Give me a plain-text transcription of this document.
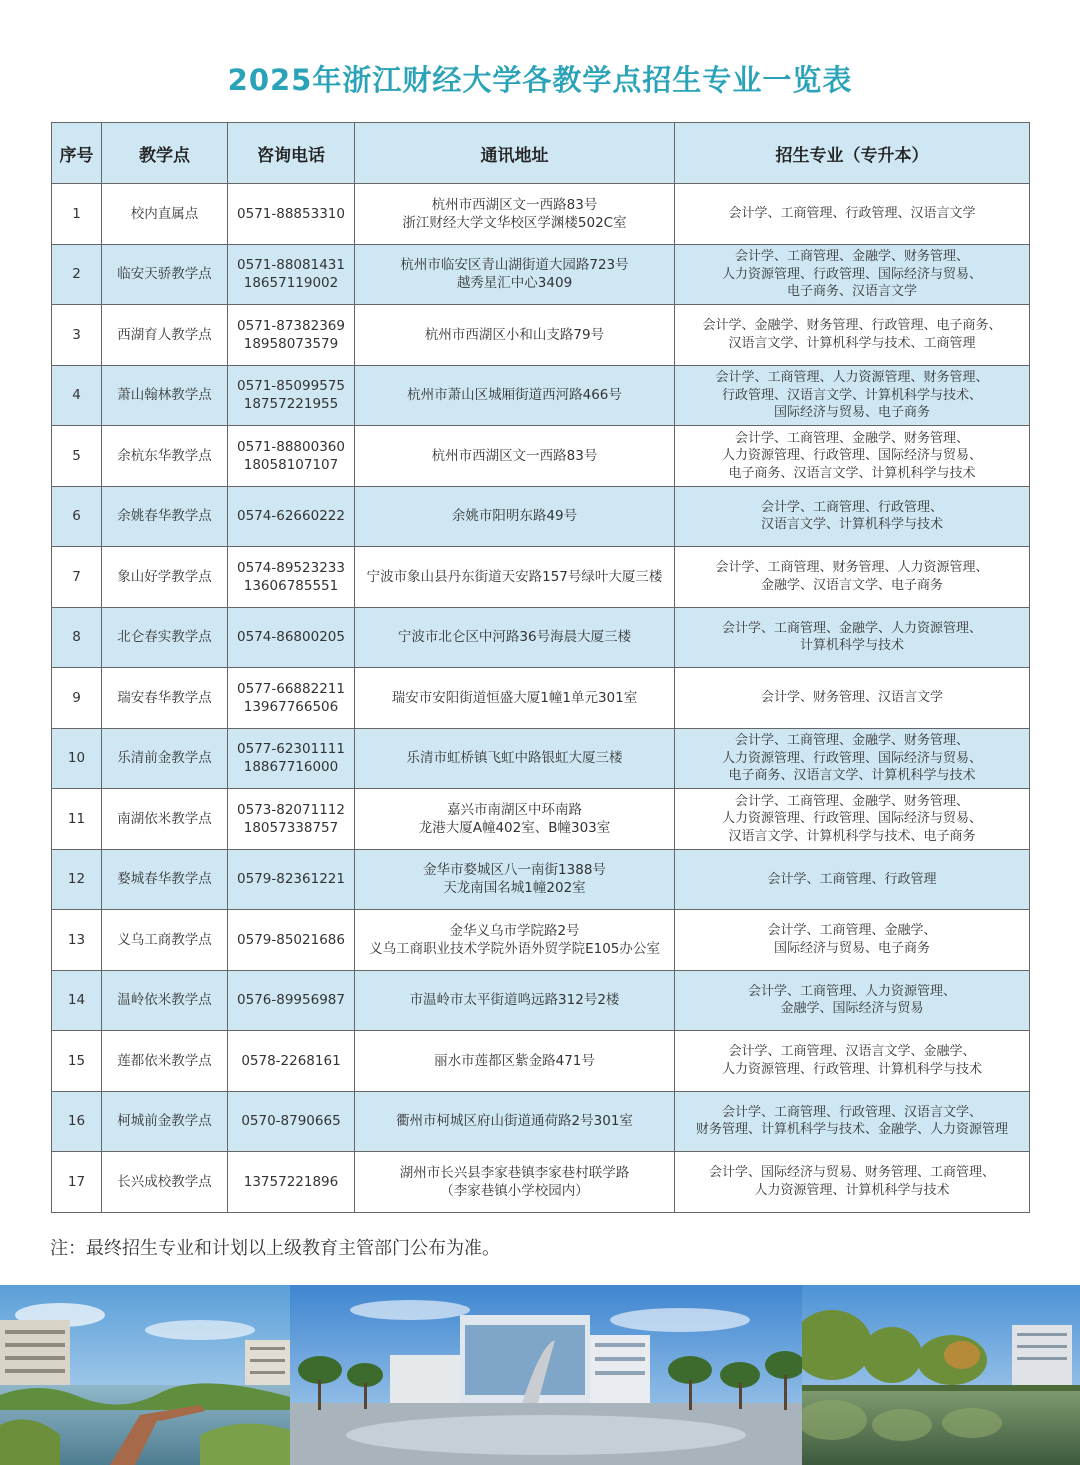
2025年浙江财经大学各教学点招生专业一览表
序号	教学点	咨询电话	通讯地址	招生专业（专升本）
1	校内直属点	0571-88853310	杭州市西湖区文一西路83号
浙江财经大学文华校区学渊楼502C室	会计学、工商管理、行政管理、汉语言文学

2	临安天骄教学点	0571-88081431
18657119002	杭州市临安区青山湖街道大园路723号
越秀星汇中心3409	会计学、工商管理、金融学、财务管理、
人力资源管理、行政管理、国际经济与贸易、
电子商务、汉语言文学

3	西湖育人教学点	0571-87382369
18958073579	杭州市西湖区小和山支路79号	会计学、金融学、财务管理、行政管理、电子商务、
汉语言文学、计算机科学与技术、工商管理

4	萧山翰林教学点	0571-85099575
18757221955	杭州市萧山区城厢街道西河路466号	会计学、工商管理、人力资源管理、财务管理、
行政管理、汉语言文学、计算机科学与技术、
国际经济与贸易、电子商务

5	余杭东华教学点	0571-88800360
18058107107	杭州市西湖区文一西路83号	会计学、工商管理、金融学、财务管理、
人力资源管理、行政管理、国际经济与贸易、
电子商务、汉语言文学、计算机科学与技术

6	余姚春华教学点	0574-62660222	余姚市阳明东路49号	会计学、工商管理、行政管理、
汉语言文学、计算机科学与技术

7	象山好学教学点	0574-89523233
13606785551	宁波市象山县丹东街道天安路157号绿叶大厦三楼	会计学、工商管理、财务管理、人力资源管理、
金融学、汉语言文学、电子商务

8	北仑春实教学点	0574-86800205	宁波市北仑区中河路36号海晨大厦三楼	会计学、工商管理、金融学、人力资源管理、
计算机科学与技术

9	瑞安春华教学点	0577-66882211
13967766506	瑞安市安阳街道恒盛大厦1幢1单元301室	会计学、财务管理、汉语言文学

10	乐清前金教学点	0577-62301111
18867716000	乐清市虹桥镇飞虹中路银虹大厦三楼	会计学、工商管理、金融学、财务管理、
人力资源管理、行政管理、国际经济与贸易、
电子商务、汉语言文学、计算机科学与技术

11	南湖依米教学点	0573-82071112
18057338757	嘉兴市南湖区中环南路
龙港大厦A幢402室、B幢303室	会计学、工商管理、金融学、财务管理、
人力资源管理、行政管理、国际经济与贸易、
汉语言文学、计算机科学与技术、电子商务

12	婺城春华教学点	0579-82361221	金华市婺城区八一南街1388号
天龙南国名城1幢202室	会计学、工商管理、行政管理

13	义乌工商教学点	0579-85021686	金华义乌市学院路2号
义乌工商职业技术学院外语外贸学院E105办公室	会计学、工商管理、金融学、
国际经济与贸易、电子商务

14	温岭依米教学点	0576-89956987	市温岭市太平街道鸣远路312号2楼	会计学、工商管理、人力资源管理、
金融学、国际经济与贸易

15	莲都依米教学点	0578-2268161	丽水市莲都区紫金路471号	会计学、工商管理、汉语言文学、金融学、
人力资源管理、行政管理、计算机科学与技术

16	柯城前金教学点	0570-8790665	衢州市柯城区府山街道通荷路2号301室	会计学、工商管理、行政管理、汉语言文学、
财务管理、计算机科学与技术、金融学、人力资源管理

17	长兴成校教学点	13757221896	湖州市长兴县李家巷镇李家巷村联学路
（李家巷镇小学校园内）	会计学、国际经济与贸易、财务管理、工商管理、
人力资源管理、计算机科学与技术
注：最终招生专业和计划以上级教育主管部门公布为准。
